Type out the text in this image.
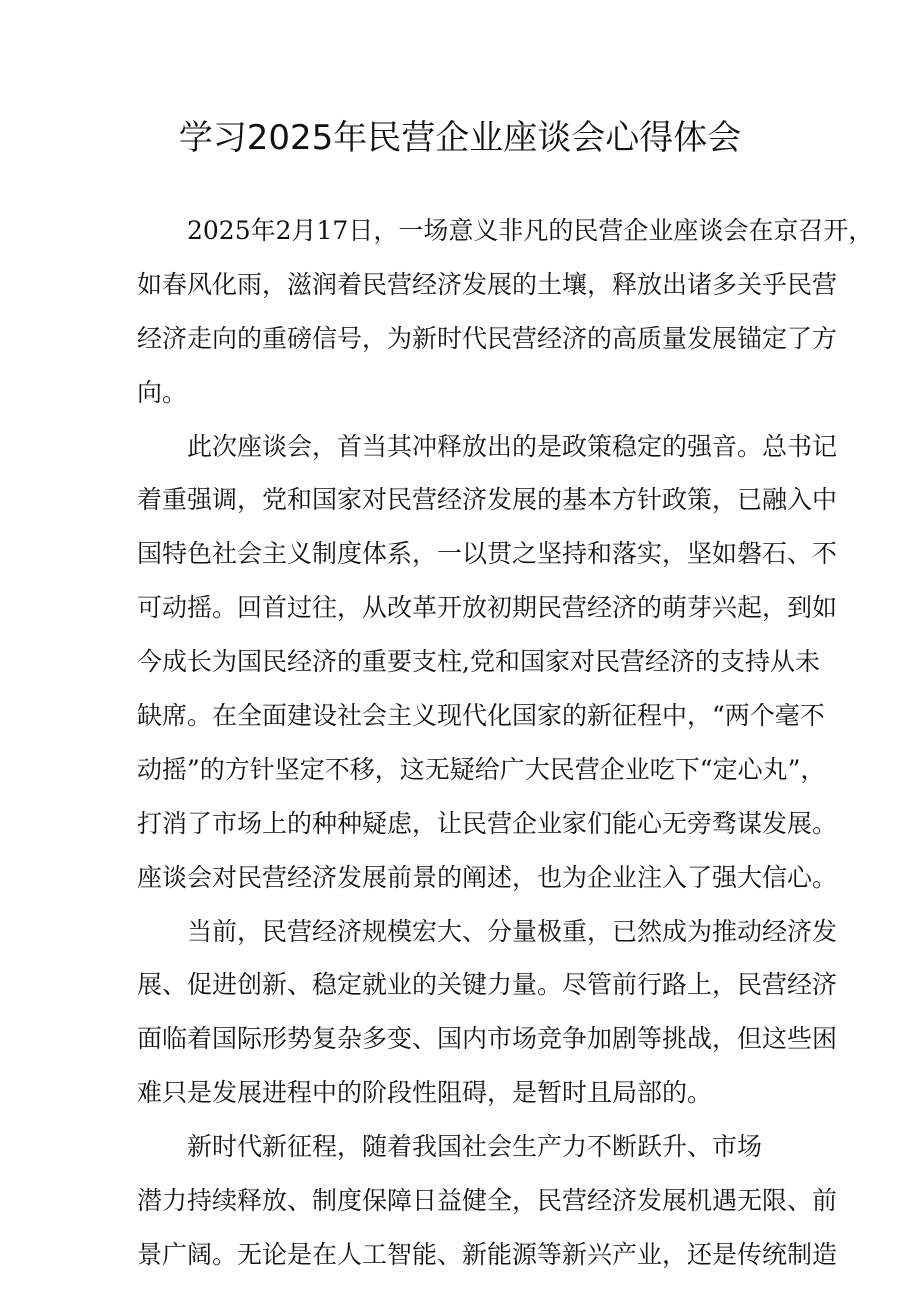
学习2025年民营企业座谈会心得体会
2025年2月17日，一场意义非凡的民营企业座谈会在京召开，
如春风化雨，滋润着民营经济发展的土壤，释放出诸多关乎民营
经济走向的重磅信号，为新时代民营经济的高质量发展锚定了方
向。
此次座谈会，首当其冲释放出的是政策稳定的强音。总书记
着重强调，党和国家对民营经济发展的基本方针政策，已融入中
国特色社会主义制度体系，一以贯之坚持和落实，坚如磐石、不
可动摇。回首过往，从改革开放初期民营经济的萌芽兴起，到如
今成长为国民经济的重要支柱,党和国家对民营经济的支持从未
缺席。在全面建设社会主义现代化国家的新征程中，“两个毫不
动摇”的方针坚定不移，这无疑给广大民营企业吃下“定心丸”，
打消了市场上的种种疑虑，让民营企业家们能心无旁骛谋发展。
座谈会对民营经济发展前景的阐述，也为企业注入了强大信心。
当前，民营经济规模宏大、分量极重，已然成为推动经济发
展、促进创新、稳定就业的关键力量。尽管前行路上，民营经济
面临着国际形势复杂多变、国内市场竞争加剧等挑战，但这些困
难只是发展进程中的阶段性阻碍，是暂时且局部的。
新时代新征程，随着我国社会生产力不断跃升、市场
潜力持续释放、制度保障日益健全，民营经济发展机遇无限、前
景广阔。无论是在人工智能、新能源等新兴产业，还是传统制造
